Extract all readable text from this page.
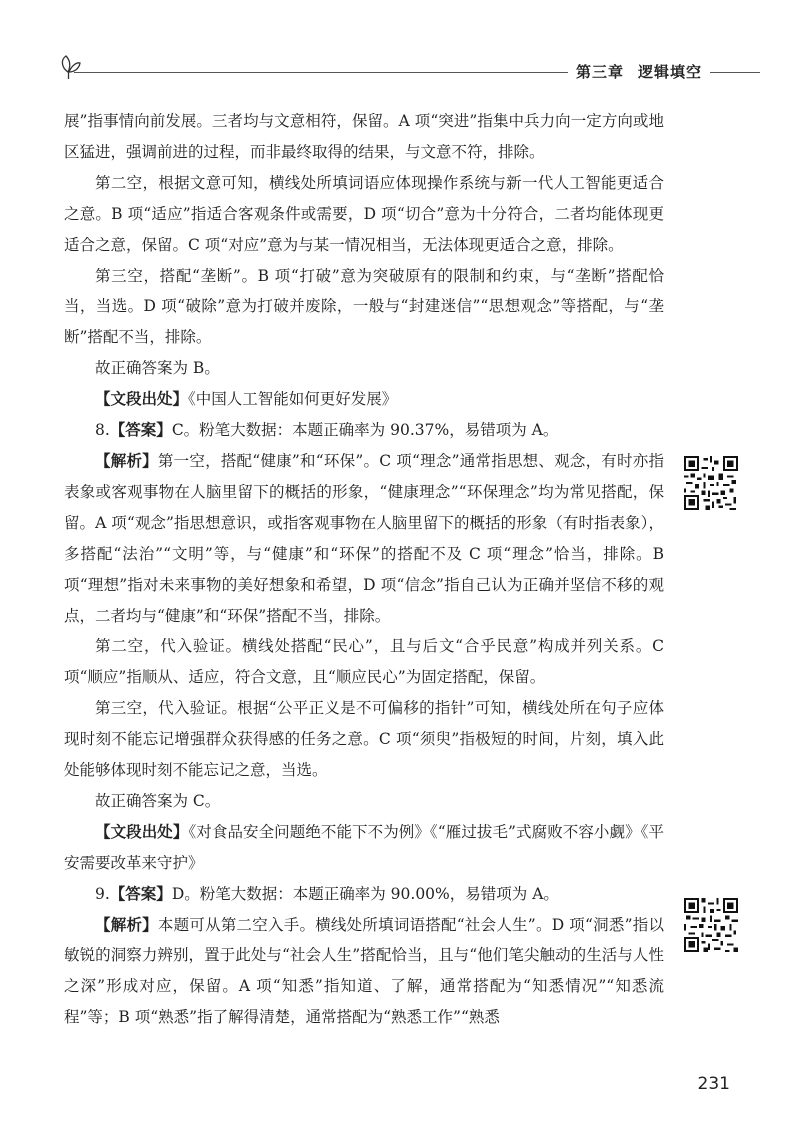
第三章 逻辑填空

展”指事情向前发展。三者均与文意相符，保留。A 项“突进”指集中兵力向一定方向或地区猛进，强调前进的过程，而非最终取得的结果，与文意不符，排除。

第二空，根据文意可知，横线处所填词语应体现操作系统与新一代人工智能更适合之意。B 项“适应”指适合客观条件或需要，D 项“切合”意为十分符合，二者均能体现更适合之意，保留。C 项“对应”意为与某一情况相当，无法体现更适合之意，排除。

第三空，搭配“垄断”。B 项“打破”意为突破原有的限制和约束，与“垄断”搭配恰当，当选。D 项“破除”意为打破并废除，一般与“封建迷信”“思想观念”等搭配，与“垄断”搭配不当，排除。

故正确答案为 B。

【文段出处】《中国人工智能如何更好发展》

8.【答案】C。粉笔大数据：本题正确率为 90.37%，易错项为 A。

【解析】第一空，搭配“健康”和“环保”。C 项“理念”通常指思想、观念，有时亦指表象或客观事物在人脑里留下的概括的形象，“健康理念”“环保理念”均为常见搭配，保留。A 项“观念”指思想意识，或指客观事物在人脑里留下的概括的形象（有时指表象），多搭配“法治”“文明”等，与“健康”和“环保”的搭配不及 C 项“理念”恰当，排除。B 项“理想”指对未来事物的美好想象和希望，D 项“信念”指自己认为正确并坚信不移的观点，二者均与“健康”和“环保”搭配不当，排除。

第二空，代入验证。横线处搭配“民心”，且与后文“合乎民意”构成并列关系。C 项“顺应”指顺从、适应，符合文意，且“顺应民心”为固定搭配，保留。

第三空，代入验证。根据“公平正义是不可偏移的指针”可知，横线处所在句子应体现时刻不能忘记增强群众获得感的任务之意。C 项“须臾”指极短的时间，片刻，填入此处能够体现时刻不能忘记之意，当选。

故正确答案为 C。

【文段出处】《对食品安全问题绝不能下不为例》《“雁过拔毛”式腐败不容小觑》《平安需要改革来守护》

9.【答案】D。粉笔大数据：本题正确率为 90.00%，易错项为 A。

【解析】本题可从第二空入手。横线处所填词语搭配“社会人生”。D 项“洞悉”指以敏锐的洞察力辨别，置于此处与“社会人生”搭配恰当，且与“他们笔尖触动的生活与人性之深”形成对应，保留。A 项“知悉”指知道、了解，通常搭配为“知悉情况”“知悉流程”等；B 项“熟悉”指了解得清楚，通常搭配为“熟悉工作”“熟悉

231
